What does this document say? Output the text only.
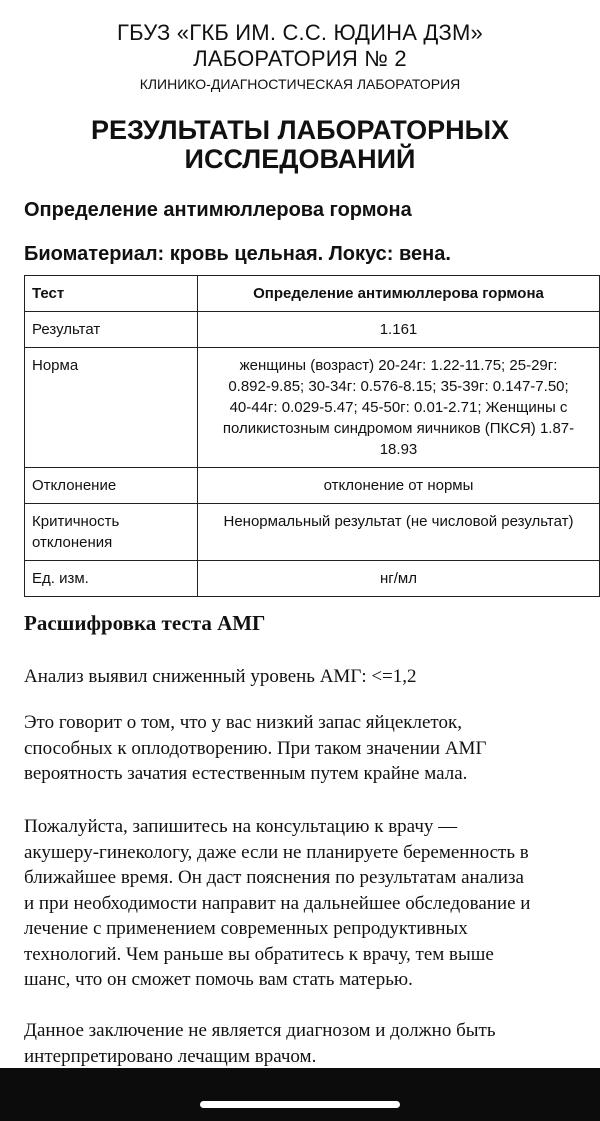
ГБУЗ «ГКБ ИМ. С.С. ЮДИНА ДЗМ»
ЛАБОРАТОРИЯ № 2
КЛИНИКО-ДИАГНОСТИЧЕСКАЯ ЛАБОРАТОРИЯ
РЕЗУЛЬТАТЫ ЛАБОРАТОРНЫХ
ИССЛЕДОВАНИЙ
Определение антимюллерова гормона
Биоматериал: кровь цельная. Локус: вена.
Тест	Определение антимюллерова гормона
Результат	1.161
Норма	женщины (возраст) 20-24г: 1.22-11.75; 25-29г:
0.892-9.85; 30-34г: 0.576-8.15; 35-39г: 0.147-7.50;
40-44г: 0.029-5.47; 45-50г: 0.01-2.71; Женщины с
поликистозным синдромом яичников (ПКСЯ) 1.87-
18.93

Отклонение	отклонение от нормы

Критичность
отклонения	Ненормальный результат (не числовой результат)
Ед. изм.	нг/мл
Расшифровка теста АМГ
Анализ выявил сниженный уровень АМГ: <=1,2
Это говорит о том, что у вас низкий запас яйцеклеток,
способных к оплодотворению. При таком значении АМГ
вероятность зачатия естественным путем крайне мала.
Пожалуйста, запишитесь на консультацию к врачу —
акушеру-гинекологу, даже если не планируете беременность в
ближайшее время. Он даст пояснения по результатам анализа
и при необходимости направит на дальнейшее обследование и
лечение с применением современных репродуктивных
технологий. Чем раньше вы обратитесь к врачу, тем выше
шанс, что он сможет помочь вам стать матерью.
Данное заключение не является диагнозом и должно быть
интерпретировано лечащим врачом.
